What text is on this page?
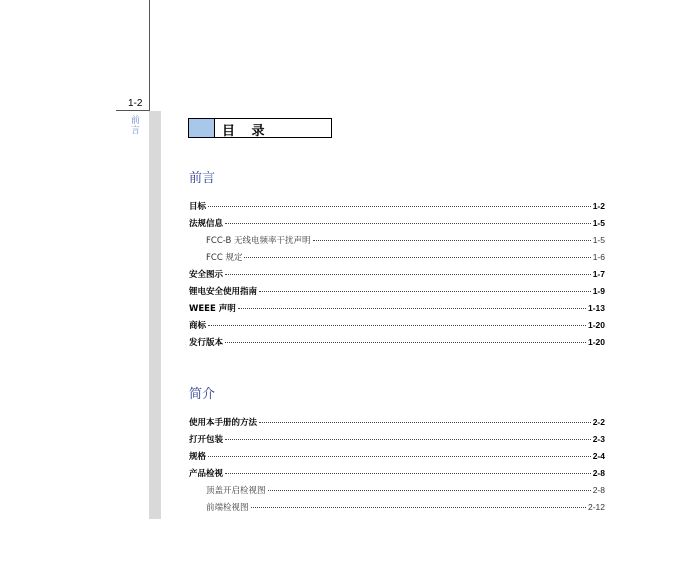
1-2
前言	目 录
前言
目标	1-2
法规信息	1-5
FCC-B 无线电频率干扰声明	1-5
FCC 规定	1-6
安全图示	1-7
锂电安全使用指南	1-9
WEEE 声明	1-13
商标	1-20
发行版本	1-20
简介
使用本手册的方法	2-2
打开包装	2-3
规格	2-4
产品检视	2-8
顶盖开启检视图	2-8
前端检视图	2-12
